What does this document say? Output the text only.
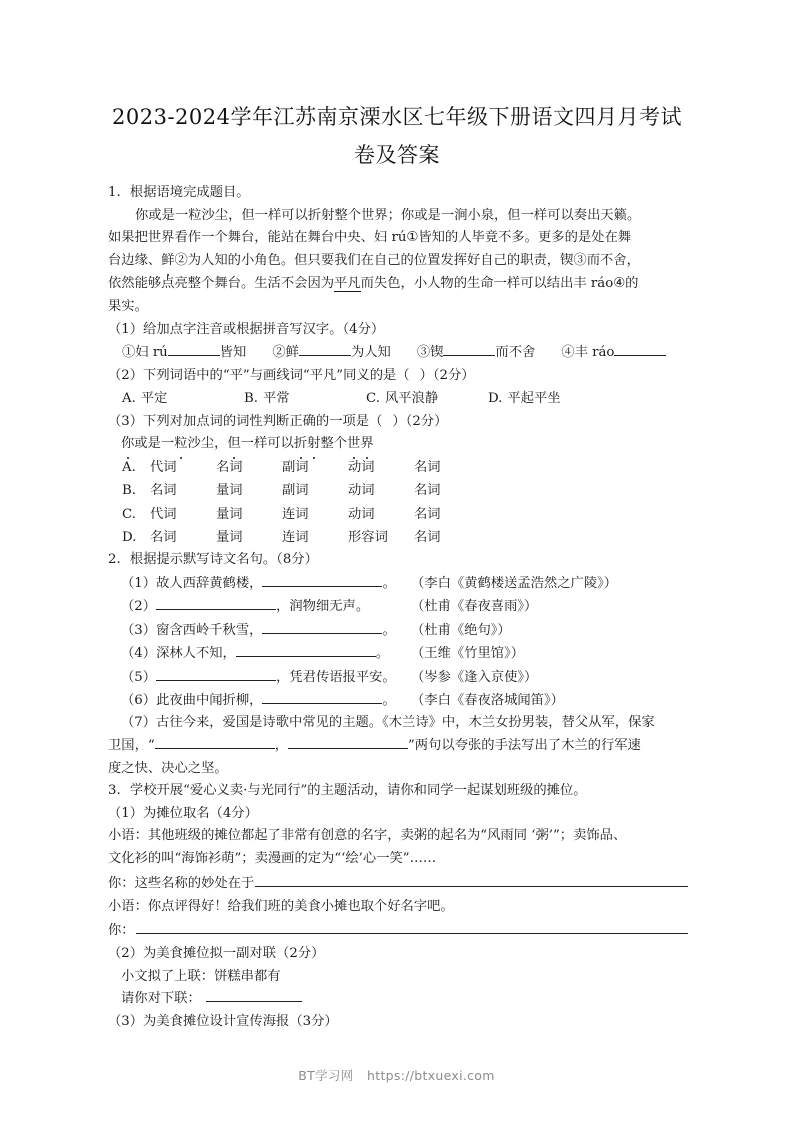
2023-2024学年江苏南京溧水区七年级下册语文四月月考试
卷及答案
1. 根据语境完成题目。
你或是一粒沙尘，但一样可以折射整个世界；你或是一涧小泉，但一样可以奏出天籁。
如果把世界看作一个舞台，能站在舞台中央、妇 rú①皆知的人毕竟不多。更多的是处在舞
台边缘、鲜②为人知的小角色。但只要我们在自己的位置发挥好自己的职责，锲③而不舍，
依然能够点亮整个舞台。生活不会因为平凡而失色，小人物的生命一样可以结出丰 ráo④的
果实。
（1）给加点字注音或根据拼音写汉字。（4分）
①妇 rú	皆知 ②鲜	为人知 ③锲	而不舍 ④丰 ráo
（2）下列词语中的“平”与画线词“平凡”同义的是（ ）（2分）
A. 平定	B. 平常	C. 风平浪静	D. 平起平坐
（3）下列对加点词的词性判断正确的一项是（ ）（2分）
你或是一粒沙尘，但一样可以折射整个世界
A.	代词	名词	副词	动词	名词
B.	名词	量词	副词	动词	名词
C.	代词	量词	连词	动词	名词
D.	名词	量词	连词	形容词	名词
2. 根据提示默写诗文名句。（8分）
（1）故人西辞黄鹤楼，	。	（李白《黄鹤楼送孟浩然之广陵》）
（2）	，润物细无声。	（杜甫《春夜喜雨》）
（3）窗含西岭千秋雪，	。	（杜甫《绝句》）
（4）深林人不知，	。	（王维《竹里馆》）
（5）	，凭君传语报平安。	（岑参《逢入京使》）
（6）此夜曲中闻折柳，	。	（李白《春夜洛城闻笛》）
（7）古往今来，爱国是诗歌中常见的主题。《木兰诗》中，木兰女扮男装，替父从军，保家
卫国，“	，	”两句以夸张的手法写出了木兰的行军速
度之快、决心之坚。
3. 学校开展“爱心义卖·与光同行”的主题活动，请你和同学一起谋划班级的摊位。
（1）为摊位取名（4分）
小语：其他班级的摊位都起了非常有创意的名字，卖粥的起名为“风雨同 ‘粥’”；卖饰品、
文化衫的叫“海饰衫萌”；卖漫画的定为“‘绘’心一笑”……
你：这些名称的妙处在于
小语：你点评得好！给我们班的美食小摊也取个好名字吧。
你：
（2）为美食摊位拟一副对联（2分）
小文拟了上联：饼糕串都有
请你对下联：
（3）为美食摊位设计宣传海报（3分）
BT学习网 https://btxuexi.com
